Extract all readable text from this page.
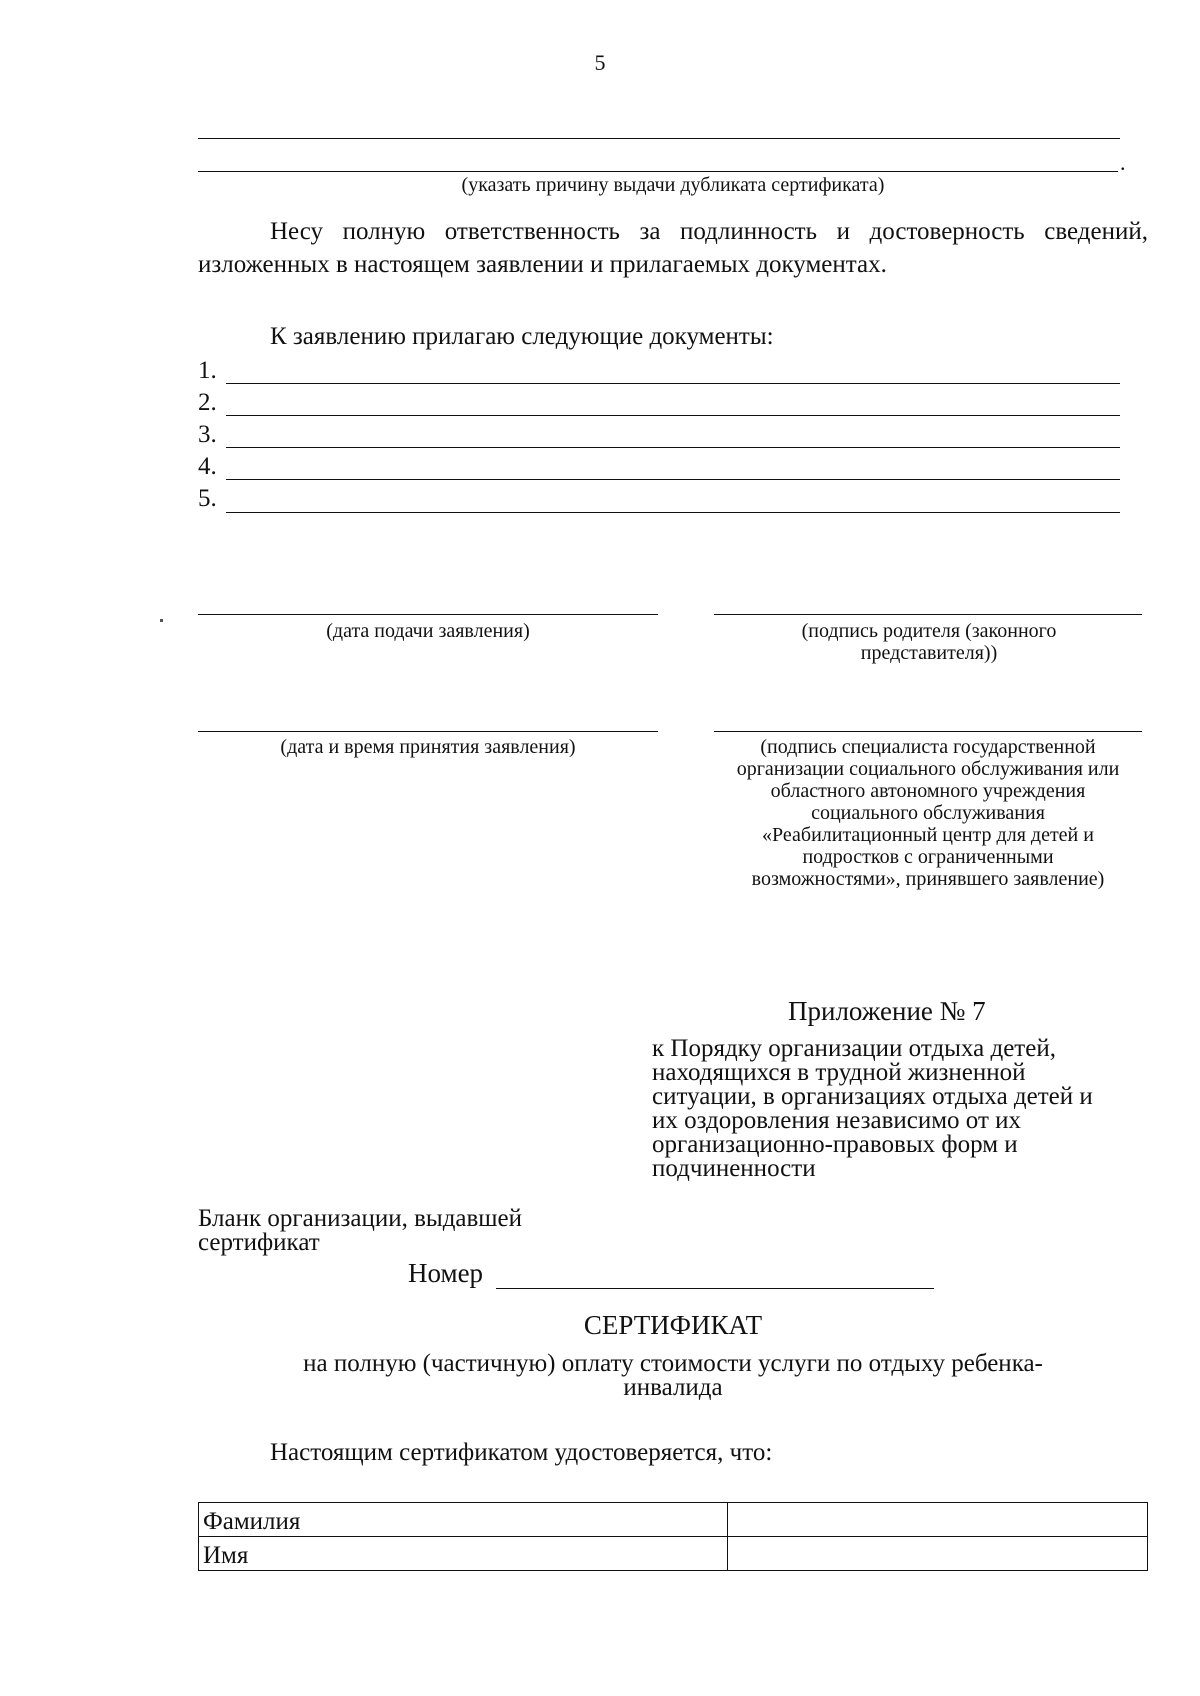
5
.
(указать причину выдачи дубликата сертификата)
Несу полную ответственность за подлинность и достоверность сведений, изложенных в настоящем заявлении и прилагаемых документах.
К заявлению прилагаю следующие документы:
1.
2.
3.
4.
5.
(дата подачи заявления)	(подпись родителя (законного представителя))
(дата и время принятия заявления)	(подпись специалиста государственной организации социального обслуживания или областного автономного учреждения социального обслуживания «Реабилитационный центр для детей и подростков с ограниченными возможностями», принявшего заявление)
Приложение № 7
к Порядку организации отдыха детей, находящихся в трудной жизненной ситуации, в организациях отдыха детей и их оздоровления независимо от их организационно-правовых форм и подчиненности
Бланк организации, выдавшей сертификат
Номер
СЕРТИФИКАТ
на полную (частичную) оплату стоимости услуги по отдыху ребенка-инвалида
Настоящим сертификатом удостоверяется, что:
Фамилия	
Имя	
